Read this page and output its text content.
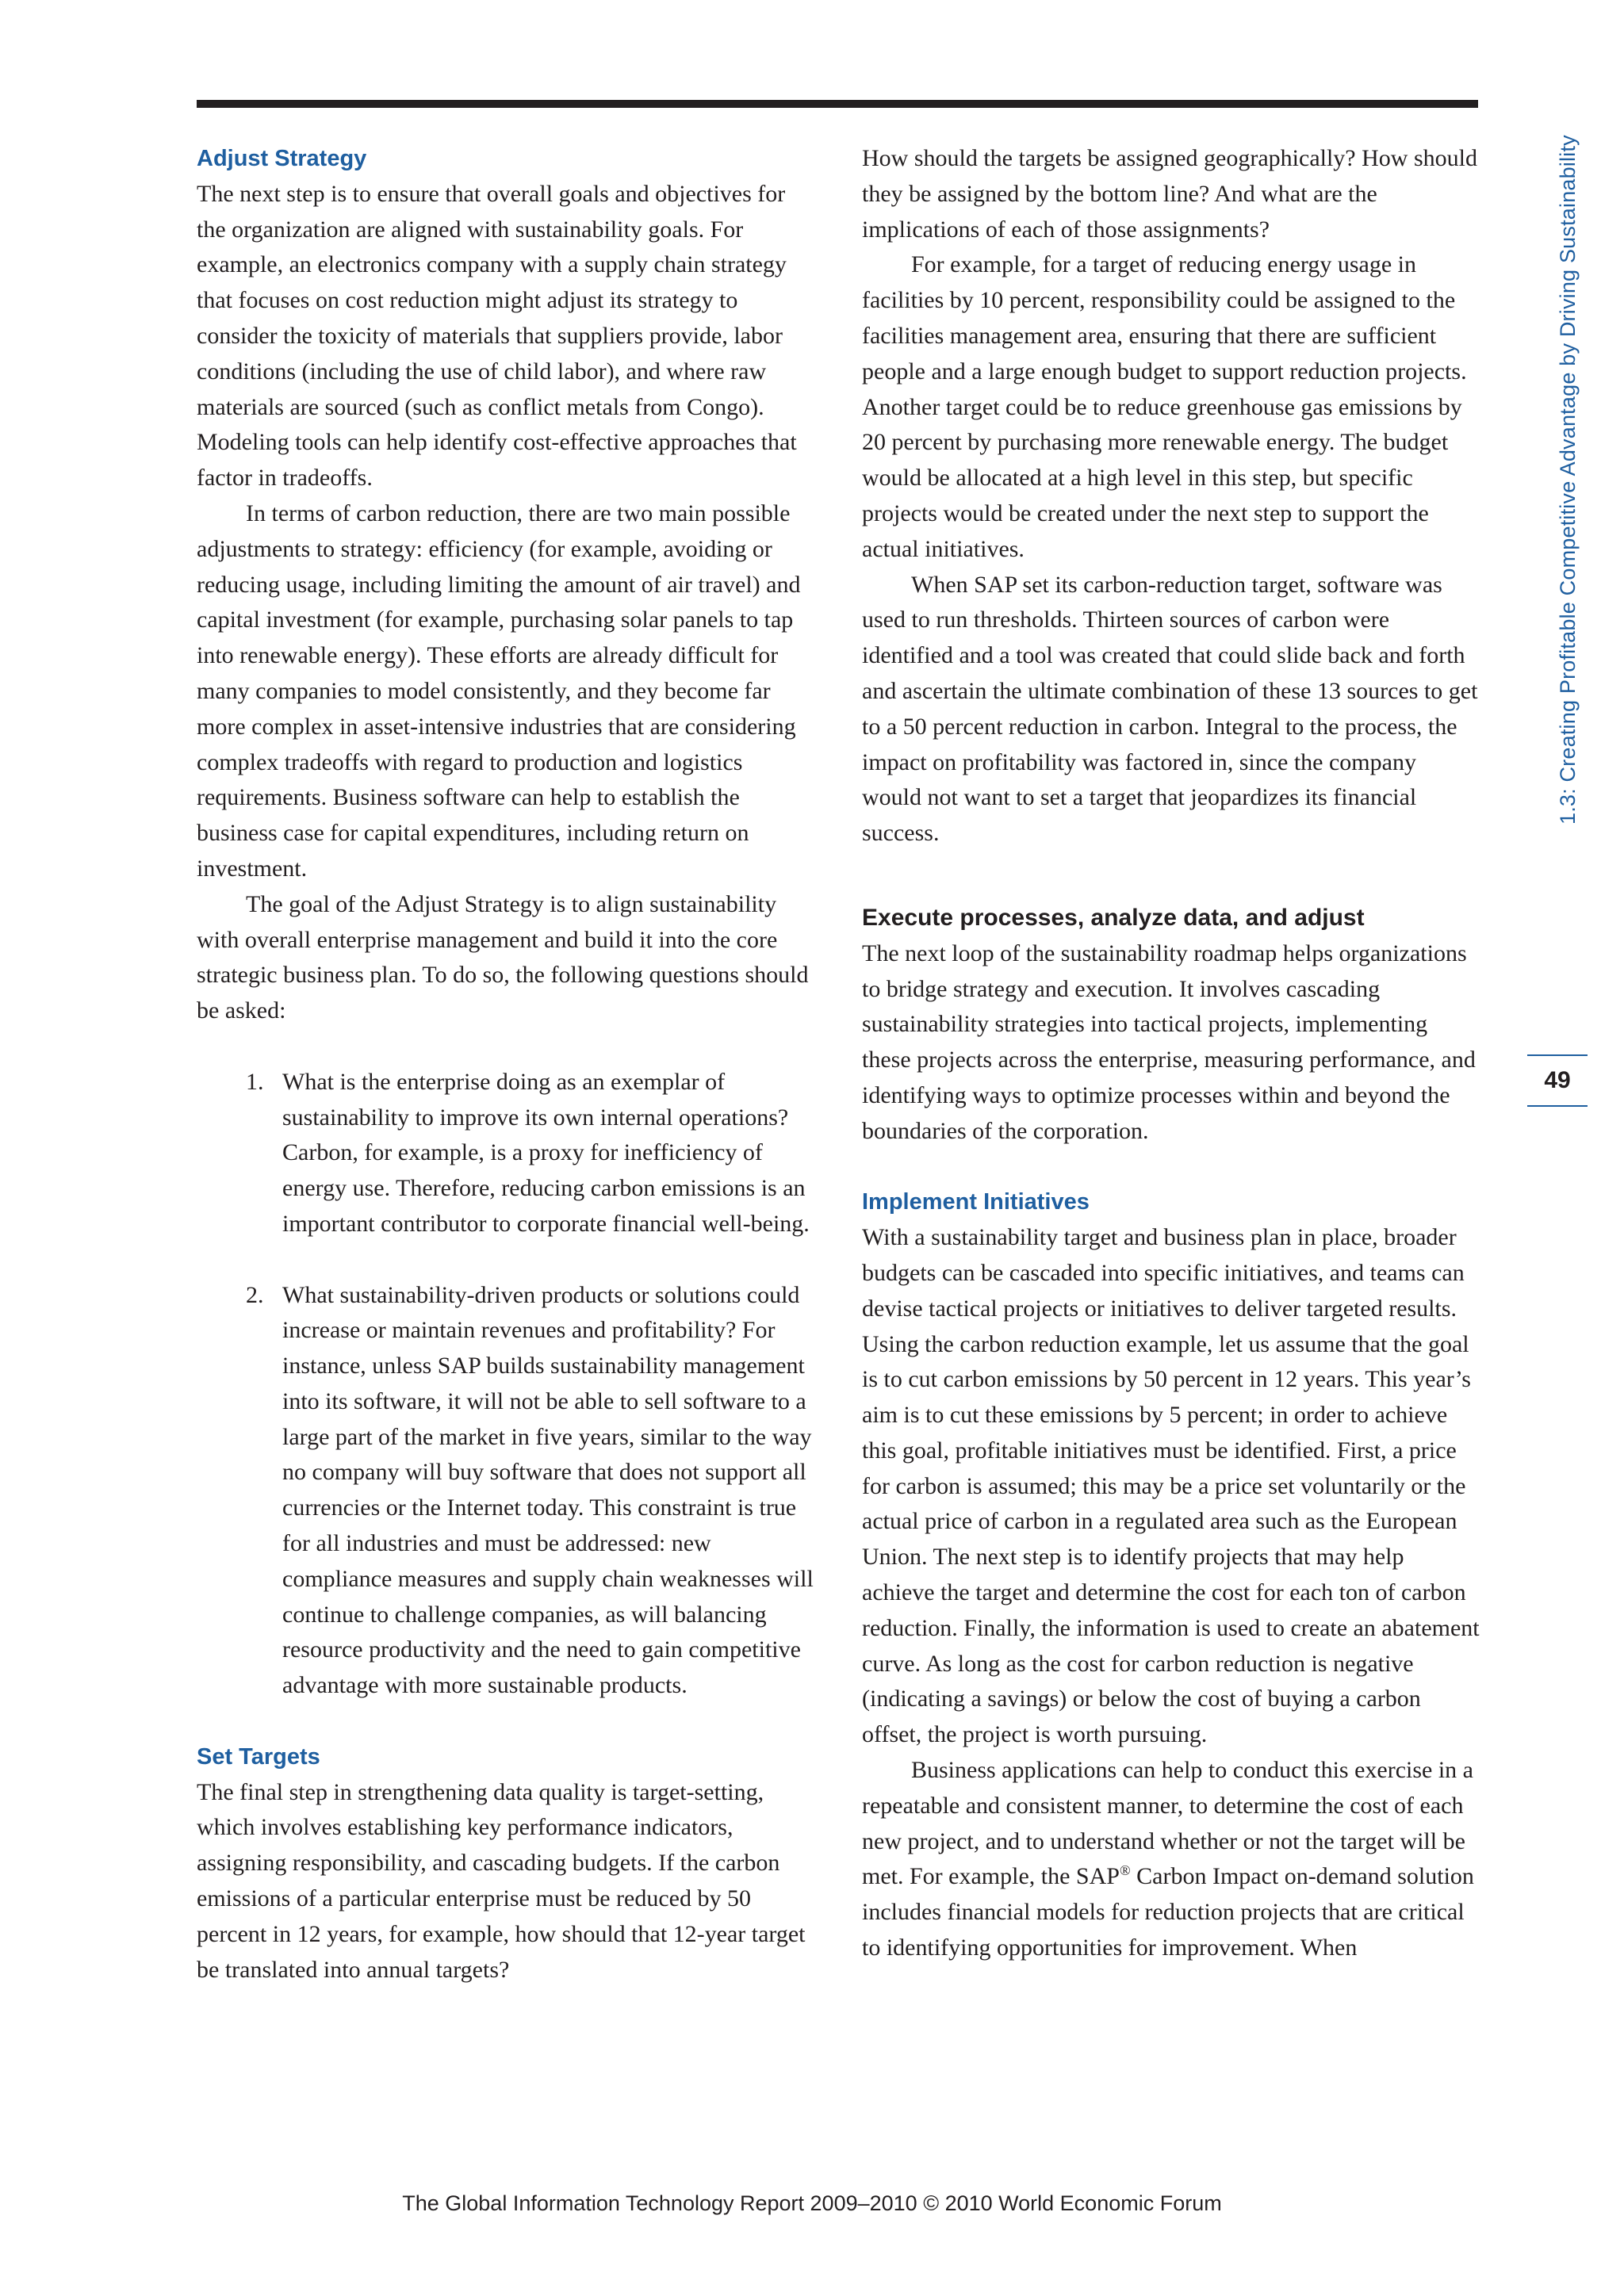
Adjust Strategy

The next step is to ensure that overall goals and objectives for the organization are aligned with sustainability goals. For example, an electronics company with a supply chain strategy that focuses on cost reduction might adjust its strategy to consider the toxicity of materials that suppliers provide, labor conditions (including the use of child labor), and where raw materials are sourced (such as conflict metals from Congo). Modeling tools can help identify cost-effective approaches that factor in tradeoffs.

In terms of carbon reduction, there are two main possible adjustments to strategy: efficiency (for example, avoiding or reducing usage, including limiting the amount of air travel) and capital investment (for example, purchasing solar panels to tap into renewable energy). These efforts are already difficult for many companies to model consistently, and they become far more complex in asset-intensive industries that are considering complex tradeoffs with regard to production and logistics requirements. Business software can help to establish the business case for capital expenditures, including return on investment.

The goal of the Adjust Strategy is to align sustainability with overall enterprise management and build it into the core strategic business plan. To do so, the following questions should be asked:

1. What is the enterprise doing as an exemplar of sustainability to improve its own internal operations? Carbon, for example, is a proxy for inefficiency of energy use. Therefore, reducing carbon emissions is an important contributor to corporate financial well-being.
2. What sustainability-driven products or solutions could increase or maintain revenues and profitability? For instance, unless SAP builds sustainability management into its software, it will not be able to sell software to a large part of the market in five years, similar to the way no company will buy software that does not support all currencies or the Internet today. This constraint is true for all industries and must be addressed: new compliance measures and supply chain weaknesses will continue to challenge companies, as will balancing resource productivity and the need to gain competitive advantage with more sustainable products.
Set Targets

The final step in strengthening data quality is target-setting, which involves establishing key performance indicators, assigning responsibility, and cascading budgets. If the carbon emissions of a particular enterprise must be reduced by 50 percent in 12 years, for example, how should that 12-year target be translated into annual targets?

How should the targets be assigned geographically? How should they be assigned by the bottom line? And what are the implications of each of those assignments?

For example, for a target of reducing energy usage in facilities by 10 percent, responsibility could be assigned to the facilities management area, ensuring that there are sufficient people and a large enough budget to support reduction projects. Another target could be to reduce greenhouse gas emissions by 20 percent by purchasing more renewable energy. The budget would be allocated at a high level in this step, but specific projects would be created under the next step to support the actual initiatives.

When SAP set its carbon-reduction target, software was used to run thresholds. Thirteen sources of carbon were identified and a tool was created that could slide back and forth and ascertain the ultimate combination of these 13 sources to get to a 50 percent reduction in carbon. Integral to the process, the impact on profitability was factored in, since the company would not want to set a target that jeopardizes its financial success.

Execute processes, analyze data, and adjust

The next loop of the sustainability roadmap helps organizations to bridge strategy and execution. It involves cascading sustainability strategies into tactical projects, implementing these projects across the enterprise, measuring performance, and identifying ways to optimize processes within and beyond the boundaries of the corporation.

Implement Initiatives

With a sustainability target and business plan in place, broader budgets can be cascaded into specific initiatives, and teams can devise tactical projects or initiatives to deliver targeted results. Using the carbon reduction example, let us assume that the goal is to cut carbon emissions by 50 percent in 12 years. This year’s aim is to cut these emissions by 5 percent; in order to achieve this goal, profitable initiatives must be identified. First, a price for carbon is assumed; this may be a price set voluntarily or the actual price of carbon in a regulated area such as the European Union. The next step is to identify projects that may help achieve the target and determine the cost for each ton of carbon reduction. Finally, the information is used to create an abatement curve. As long as the cost for carbon reduction is negative (indicating a savings) or below the cost of buying a carbon offset, the project is worth pursuing.

Business applications can help to conduct this exercise in a repeatable and consistent manner, to determine the cost of each new project, and to understand whether or not the target will be met. For example, the SAP® Carbon Impact on-demand solution includes financial models for reduction projects that are critical to identifying opportunities for improvement. When

1.3: Creating Profitable Competitive Advantage by Driving Sustainability
49
The Global Information Technology Report 2009–2010 © 2010 World Economic Forum
